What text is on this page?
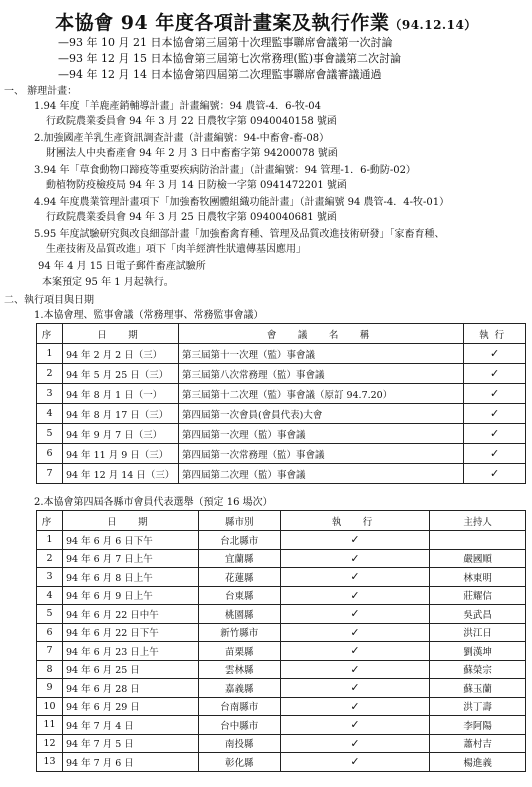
本協會 94 年度各項計畫案及執行作業（94.12.14）
—93 年 10 月 21 日本協會第三屆第十次理監事聯席會議第一次討論
—93 年 12 月 15 日本協會第三屆第七次常務理(監)事會議第二次討論
—94 年 12 月 14 日本協會第四屆第二次理監事聯席會議審議通過
一、 辦理計畫：
1.94 年度「羊鹿產銷輔導計畫」計畫編號：94 農管-4．6-牧-04
行政院農業委員會 94 年 3 月 22 日農牧字第 0940040158 號函
2.加強國產羊乳生產資訊調查計畫（計畫編號：94-中畜會-畜-08）
財團法人中央畜產會 94 年 2 月 3 日中畜畜字第 94200078 號函
3.94 年「草食動物口蹄疫等重要疾病防治計畫」（計畫編號：94 管理-1．6-動防-02）
動植物防疫檢疫局 94 年 3 月 14 日防檢一字第 0941472201 號函
4.94 年度農業管理計畫項下「加強畜牧團體組織功能計畫」（計畫編號 94 農管-4．4-牧-01）
行政院農業委員會 94 年 3 月 25 日農牧字第 0940040681 號函
5.95 年度試驗研究與改良細部計畫「加強畜禽育種、管理及品質改進技術研發」「家畜育種、
生產技術及品質改進」項下「肉羊經濟性狀遺傳基因應用」
94 年 4 月 15 日電子郵件畜產試驗所
本案預定 95 年 1 月起執行。
二、執行項目與日期
1.本協會理、監事會議（常務理事、常務監事會議）
序	日　期	會　議　名　稱	執行
1	94 年 2 月 2 日（三）	第三屆第十一次理（監）事會議	✓
2	94 年 5 月 25 日（三）	第三屆第八次常務理（監）事會議	✓
3	94 年 8 月 1 日（一）	第三屆第十二次理（監）事會議（原訂 94.7.20）	✓
4	94 年 8 月 17 日（三）	第四屆第一次會員(會員代表)大會	✓
5	94 年 9 月 7 日（三）	第四屆第一次理（監）事會議	✓
6	94 年 11 月 9 日（三）	第四屆第一次常務理（監）事會議	✓
7	94 年 12 月 14 日（三）	第四屆第二次理（監）事會議	✓
2.本協會第四屆各縣市會員代表選舉（預定 16 場次）
序	日　期	縣市別	執　行	主持人
1	94 年 6 月 6 日下午	台北縣市	✓	
2	94 年 6 月 7 日上午	宜蘭縣	✓	嚴國順
3	94 年 6 月 8 日上午	花蓮縣	✓	林東明
4	94 年 6 月 9 日上午	台東縣	✓	莊耀信
5	94 年 6 月 22 日中午	桃園縣	✓	吳武昌
6	94 年 6 月 22 日下午	新竹縣市	✓	洪江日
7	94 年 6 月 23 日上午	苗栗縣	✓	劉漢坤
8	94 年 6 月 25 日	雲林縣	✓	蘇榮宗
9	94 年 6 月 28 日	嘉義縣	✓	蘇玉蘭
10	94 年 6 月 29 日	台南縣市	✓	洪丁壽
11	94 年 7 月 4 日	台中縣市	✓	李阿陽
12	94 年 7 月 5 日	南投縣	✓	蕭村吉
13	94 年 7 月 6 日	彰化縣	✓	楊進義
